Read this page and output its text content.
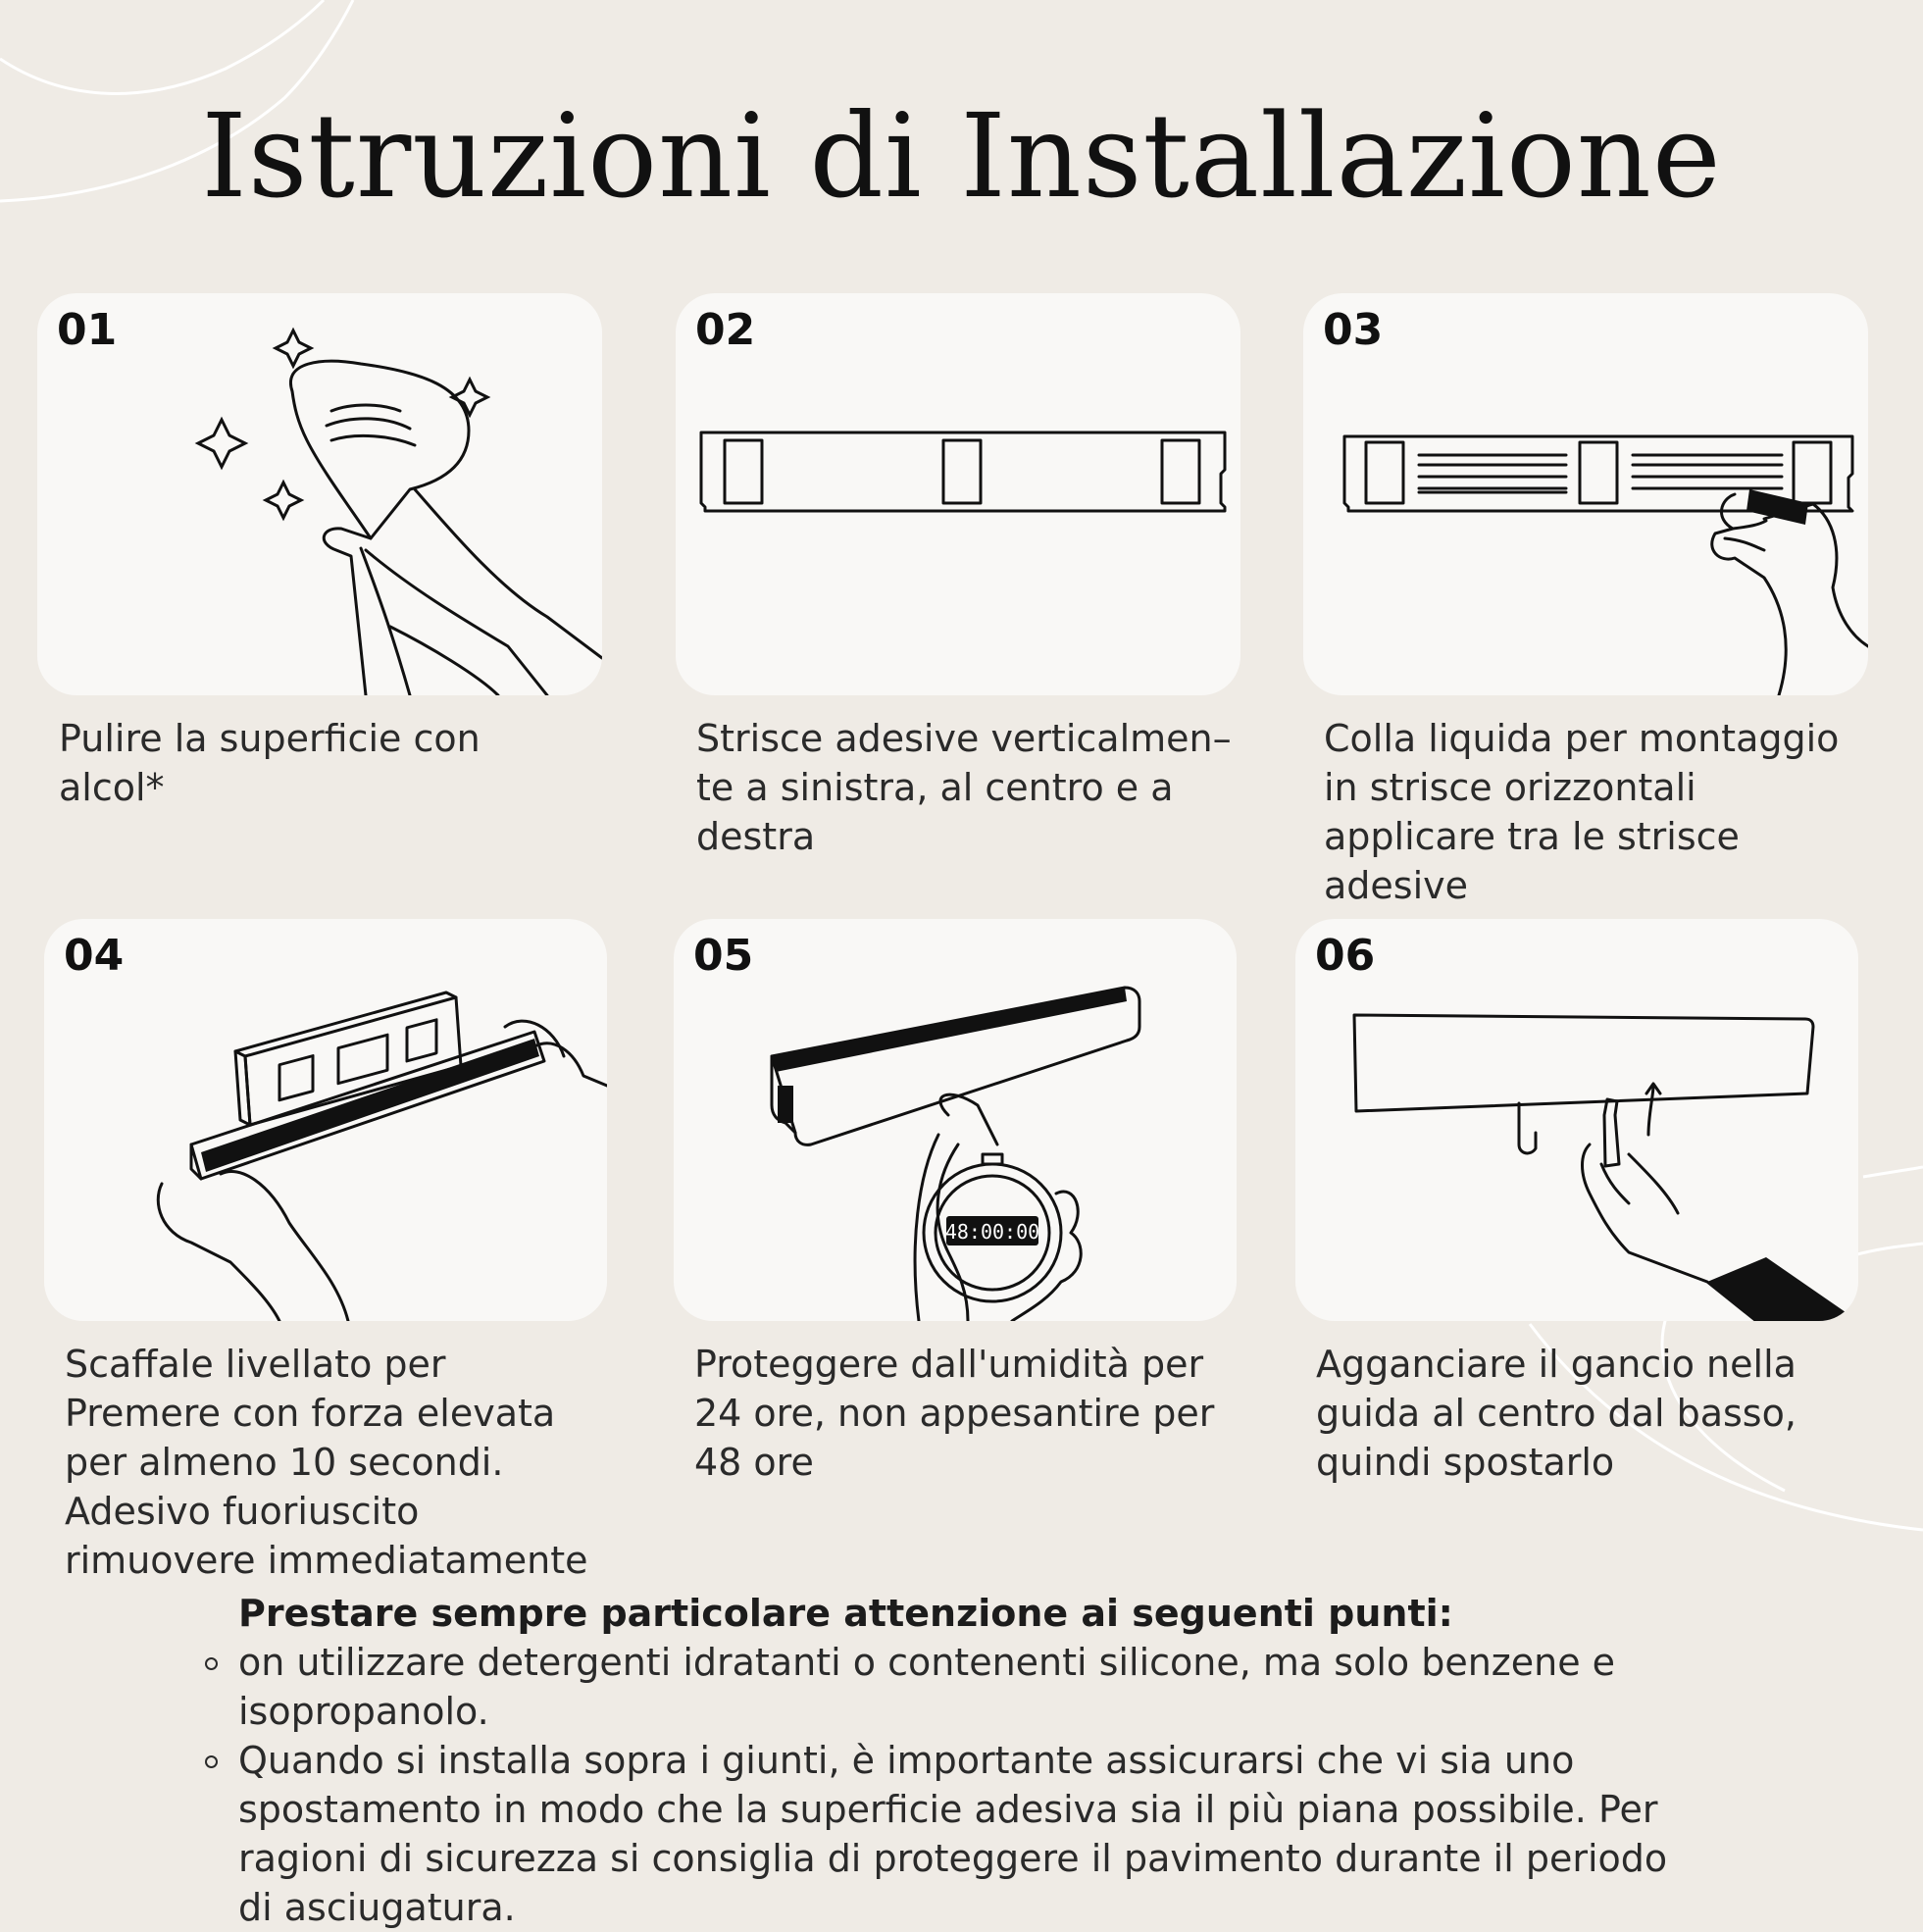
Istruzioni di Installazione
01

Pulire la superficie con
alcol*

02

Strisce adesive verticalmen–
te a sinistra, al centro e a
destra

03

Colla liquida per montaggio
in strisce orizzontali
applicare tra le strisce
adesive

04

Scaffale livellato per
Premere con forza elevata
per almeno 10 secondi.
Adesivo fuoriuscito
rimuovere immediatamente

48:00:00
05

Proteggere dall'umidità per
24 ore, non appesantire per
48 ore

06

Agganciare il gancio nella
guida al centro dal basso,
quindi spostarlo

Prestare sempre particolare attenzione ai seguenti punti:

on utilizzare detergenti idratanti o contenenti silicone, ma solo benzene e
isopropanolo.
Quando si installa sopra i giunti, è importante assicurarsi che vi sia uno
spostamento in modo che la superficie adesiva sia il più piana possibile. Per
ragioni di sicurezza si consiglia di proteggere il pavimento durante il periodo
di asciugatura.
